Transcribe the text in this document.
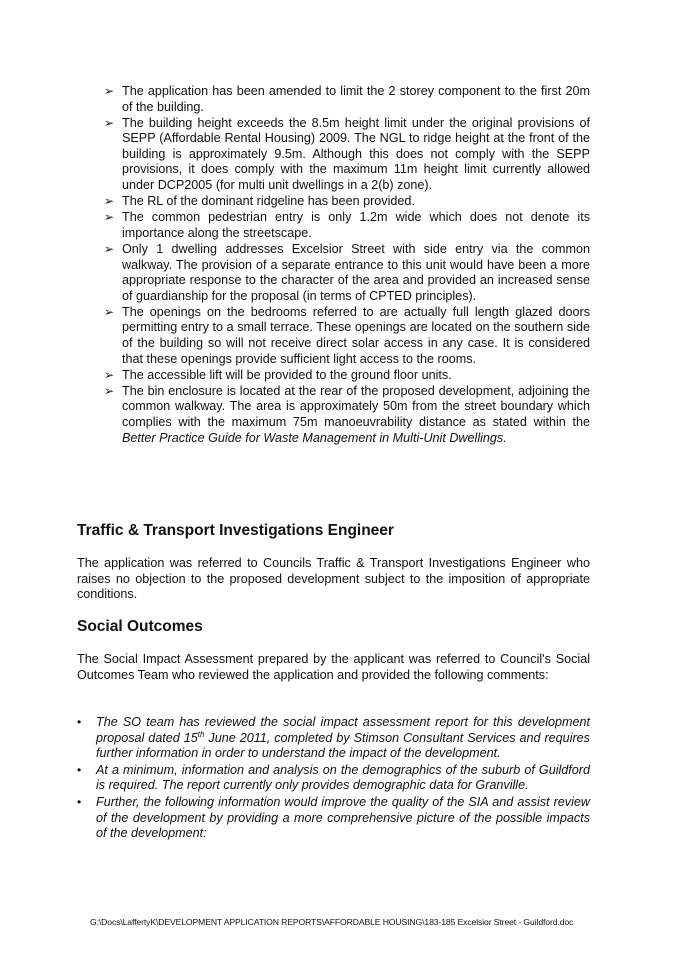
➢ The application has been amended to limit the 2 storey component to the first 20m of the building.
➢ The building height exceeds the 8.5m height limit under the original provisions of SEPP (Affordable Rental Housing) 2009. The NGL to ridge height at the front of the building is approximately 9.5m. Although this does not comply with the SEPP provisions, it does comply with the maximum 11m height limit currently allowed under DCP2005 (for multi unit dwellings in a 2(b) zone).
➢ The RL of the dominant ridgeline has been provided.
➢ The common pedestrian entry is only 1.2m wide which does not denote its importance along the streetscape.
➢ Only 1 dwelling addresses Excelsior Street with side entry via the common walkway. The provision of a separate entrance to this unit would have been a more appropriate response to the character of the area and provided an increased sense of guardianship for the proposal (in terms of CPTED principles).
➢ The openings on the bedrooms referred to are actually full length glazed doors permitting entry to a small terrace. These openings are located on the southern side of the building so will not receive direct solar access in any case. It is considered that these openings provide sufficient light access to the rooms.
➢ The accessible lift will be provided to the ground floor units.
➢ The bin enclosure is located at the rear of the proposed development, adjoining the common walkway. The area is approximately 50m from the street boundary which complies with the maximum 75m manoeuvrability distance as stated within the Better Practice Guide for Waste Management in Multi-Unit Dwellings.
Traffic & Transport Investigations Engineer

The application was referred to Councils Traffic & Transport Investigations Engineer who raises no objection to the proposed development subject to the imposition of appropriate conditions.

Social Outcomes

The Social Impact Assessment prepared by the applicant was referred to Council's Social Outcomes Team who reviewed the application and provided the following comments:

• The SO team has reviewed the social impact assessment report for this development proposal dated 15th June 2011, completed by Stimson Consultant Services and requires further information in order to understand the impact of the development.
• At a minimum, information and analysis on the demographics of the suburb of Guildford is required. The report currently only provides demographic data for Granville.
• Further, the following information would improve the quality of the SIA and assist review of the development by providing a more comprehensive picture of the possible impacts of the development:
G:\Docs\LaffertyK\DEVELOPMENT APPLICATION REPORTS\AFFORDABLE HOUSING\183-185 Excelsior Street - Guildford.doc
